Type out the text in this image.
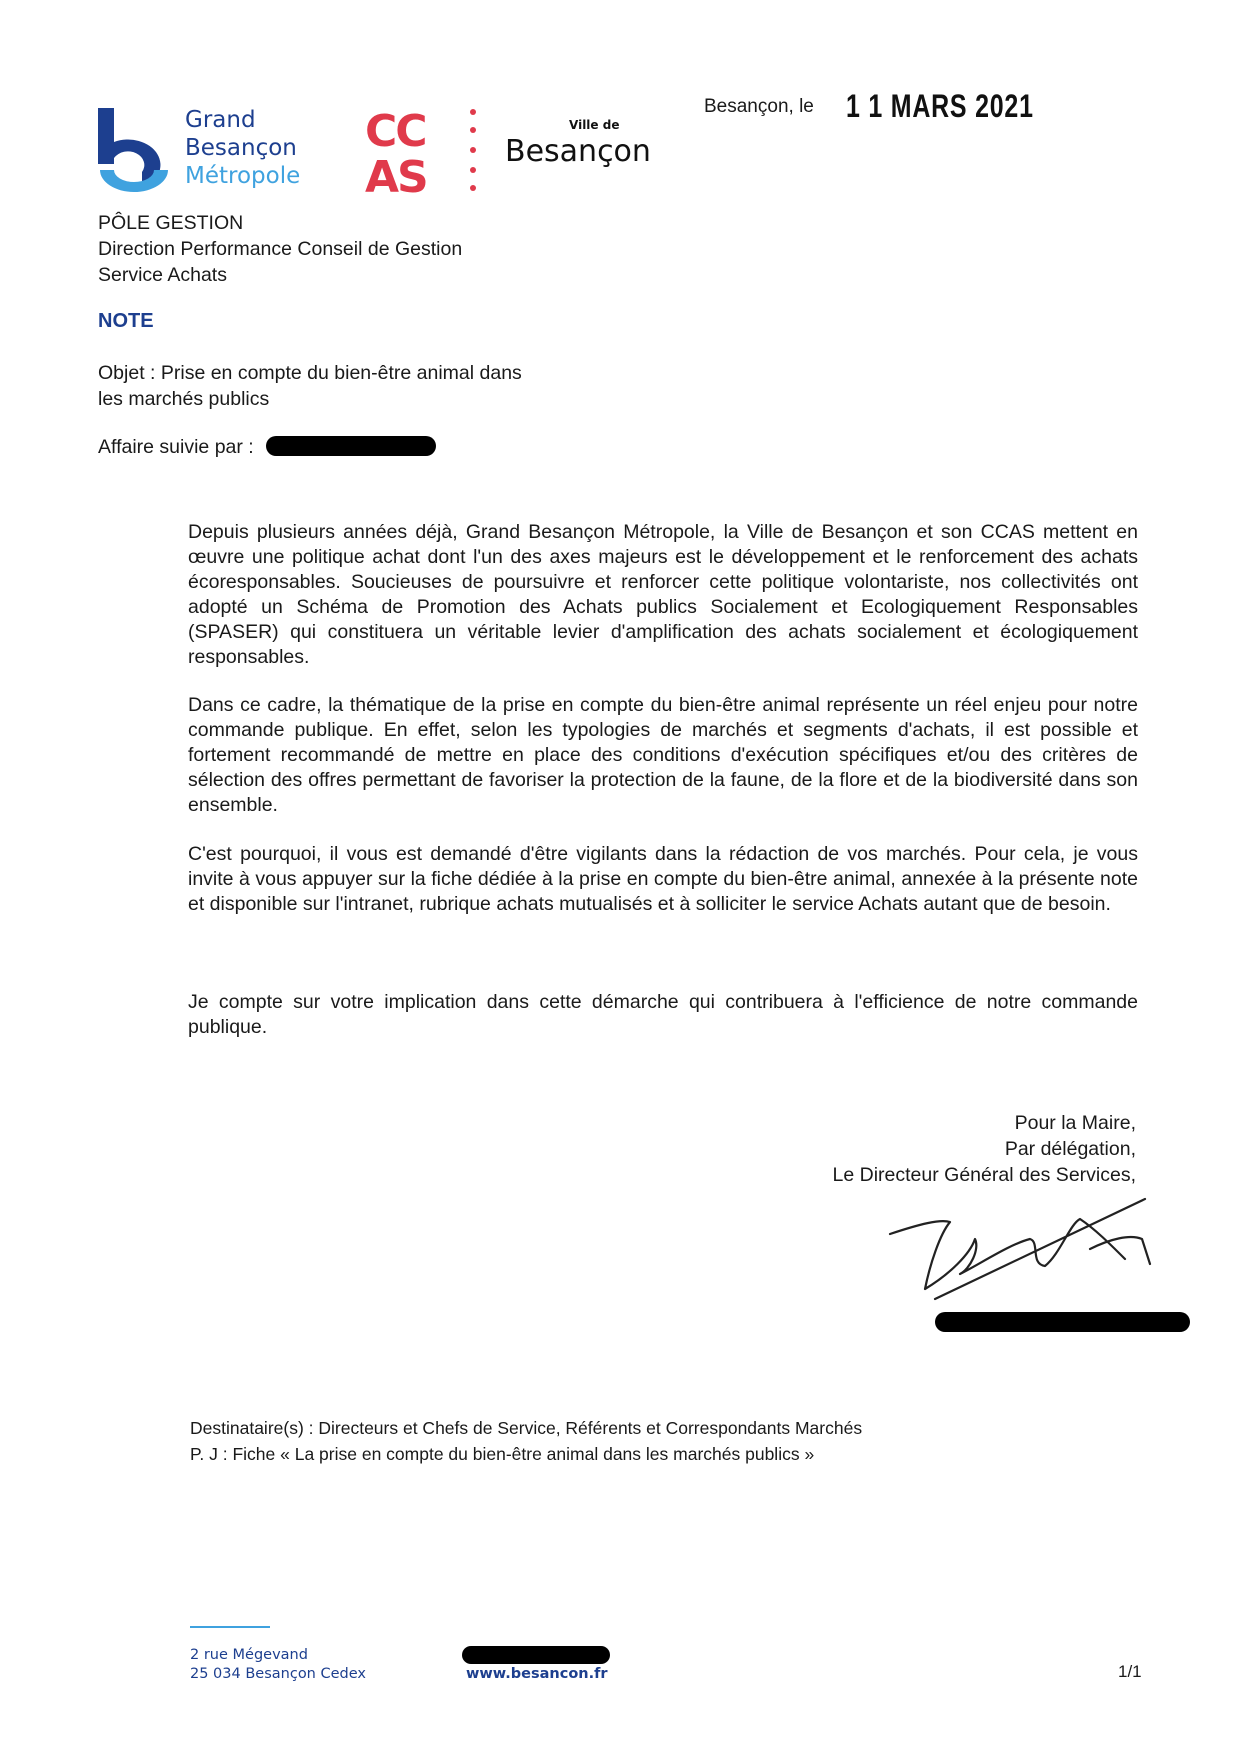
Grand
Besançon
Métropole
CC
AS
Ville de
Besançon
Besançon, le 1 1 MARS 2021
PÔLE GESTION
Direction Performance Conseil de Gestion
Service Achats
NOTE
Objet : Prise en compte du bien-être animal dans
les marchés publics
Affaire suivie par :
Depuis plusieurs années déjà, Grand Besançon Métropole, la Ville de Besançon et son CCAS mettent en œuvre une politique achat dont l'un des axes majeurs est le développement et le renforcement des achats écoresponsables. Soucieuses de poursuivre et renforcer cette politique volontariste, nos collectivités ont adopté un Schéma de Promotion des Achats publics Socialement et Ecologiquement Responsables (SPASER) qui constituera un véritable levier d'amplification des achats socialement et écologiquement responsables.
Dans ce cadre, la thématique de la prise en compte du bien-être animal représente un réel enjeu pour notre commande publique. En effet, selon les typologies de marchés et segments d'achats, il est possible et fortement recommandé de mettre en place des conditions d'exécution spécifiques et/ou des critères de sélection des offres permettant de favoriser la protection de la faune, de la flore et de la biodiversité dans son ensemble.
C'est pourquoi, il vous est demandé d'être vigilants dans la rédaction de vos marchés. Pour cela, je vous invite à vous appuyer sur la fiche dédiée à la prise en compte du bien-être animal, annexée à la présente note et disponible sur l'intranet, rubrique achats mutualisés et à solliciter le service Achats autant que de besoin.
Je compte sur votre implication dans cette démarche qui contribuera à l'efficience de notre commande publique.
Pour la Maire,
Par délégation,
Le Directeur Général des Services,
Destinataire(s) : Directeurs et Chefs de Service, Référents et Correspondants Marchés
P. J : Fiche « La prise en compte du bien-être animal dans les marchés publics »
2 rue Mégevand
25 034 Besançon Cedex	www.besancon.fr	1/1
